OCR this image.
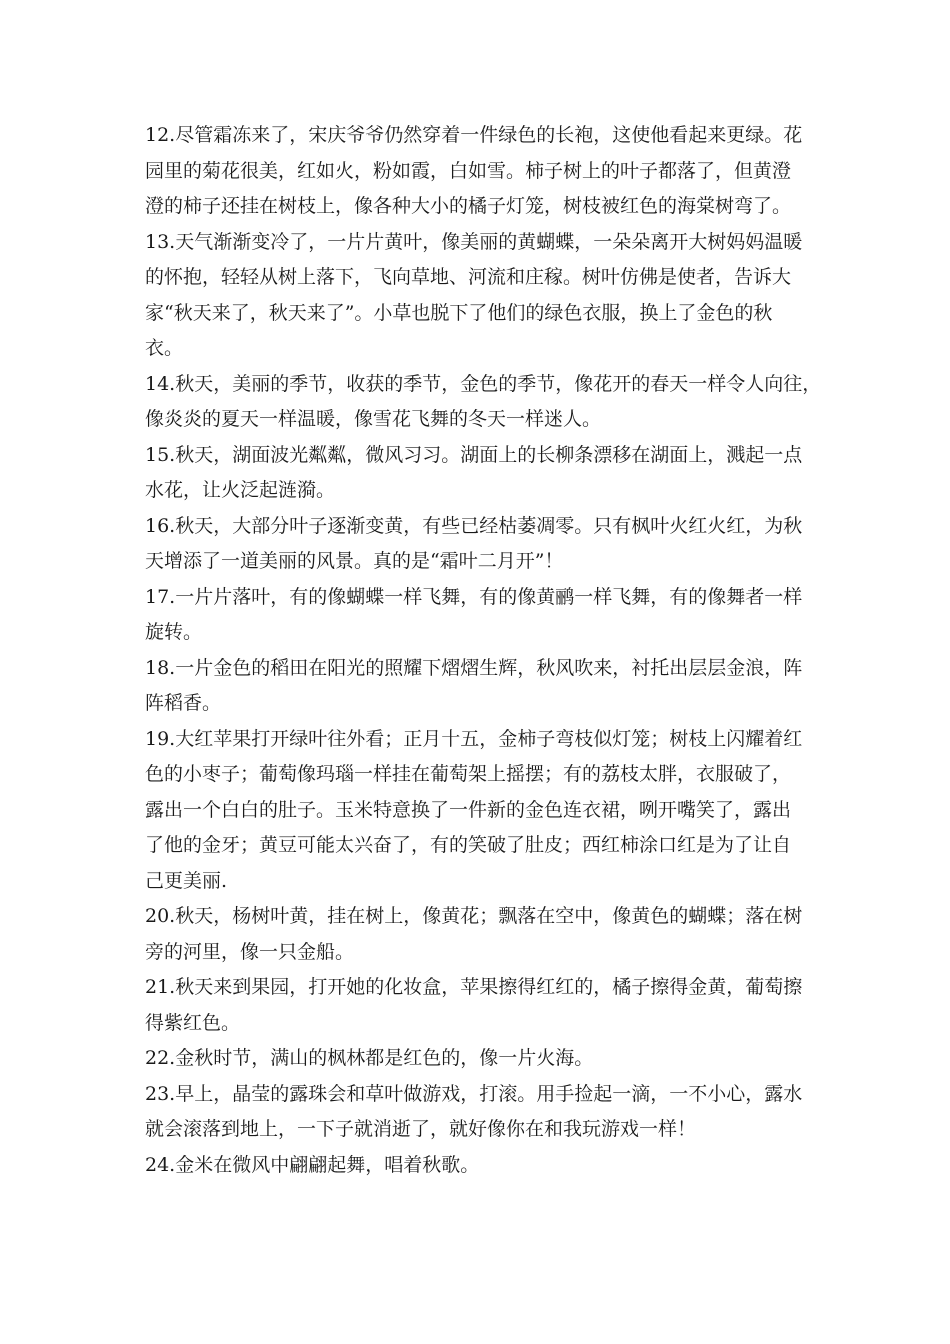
12.尽管霜冻来了，宋庆爷爷仍然穿着一件绿色的长袍，这使他看起来更绿。花
园里的菊花很美，红如火，粉如霞，白如雪。柿子树上的叶子都落了，但黄澄
澄的柿子还挂在树枝上，像各种大小的橘子灯笼，树枝被红色的海棠树弯了。
13.天气渐渐变冷了，一片片黄叶，像美丽的黄蝴蝶，一朵朵离开大树妈妈温暖
的怀抱，轻轻从树上落下，飞向草地、河流和庄稼。树叶仿佛是使者，告诉大
家“秋天来了，秋天来了”。小草也脱下了他们的绿色衣服，换上了金色的秋
衣。
14.秋天，美丽的季节，收获的季节，金色的季节，像花开的春天一样令人向往，
像炎炎的夏天一样温暖，像雪花飞舞的冬天一样迷人。
15.秋天，湖面波光粼粼，微风习习。湖面上的长柳条漂移在湖面上，溅起一点
水花，让火泛起涟漪。
16.秋天，大部分叶子逐渐变黄，有些已经枯萎凋零。只有枫叶火红火红，为秋
天增添了一道美丽的风景。真的是“霜叶二月开”！
17.一片片落叶，有的像蝴蝶一样飞舞，有的像黄鹂一样飞舞，有的像舞者一样
旋转。
18.一片金色的稻田在阳光的照耀下熠熠生辉，秋风吹来，衬托出层层金浪，阵
阵稻香。
19.大红苹果打开绿叶往外看；正月十五，金柿子弯枝似灯笼；树枝上闪耀着红
色的小枣子；葡萄像玛瑙一样挂在葡萄架上摇摆；有的荔枝太胖，衣服破了，
露出一个白白的肚子。玉米特意换了一件新的金色连衣裙，咧开嘴笑了，露出
了他的金牙；黄豆可能太兴奋了，有的笑破了肚皮；西红柿涂口红是为了让自
己更美丽.
20.秋天，杨树叶黄，挂在树上，像黄花；飘落在空中，像黄色的蝴蝶；落在树
旁的河里，像一只金船。
21.秋天来到果园，打开她的化妆盒，苹果擦得红红的，橘子擦得金黄，葡萄擦
得紫红色。
22.金秋时节，满山的枫林都是红色的，像一片火海。
23.早上，晶莹的露珠会和草叶做游戏，打滚。用手捡起一滴，一不小心，露水
就会滚落到地上，一下子就消逝了，就好像你在和我玩游戏一样！
24.金米在微风中翩翩起舞，唱着秋歌。
